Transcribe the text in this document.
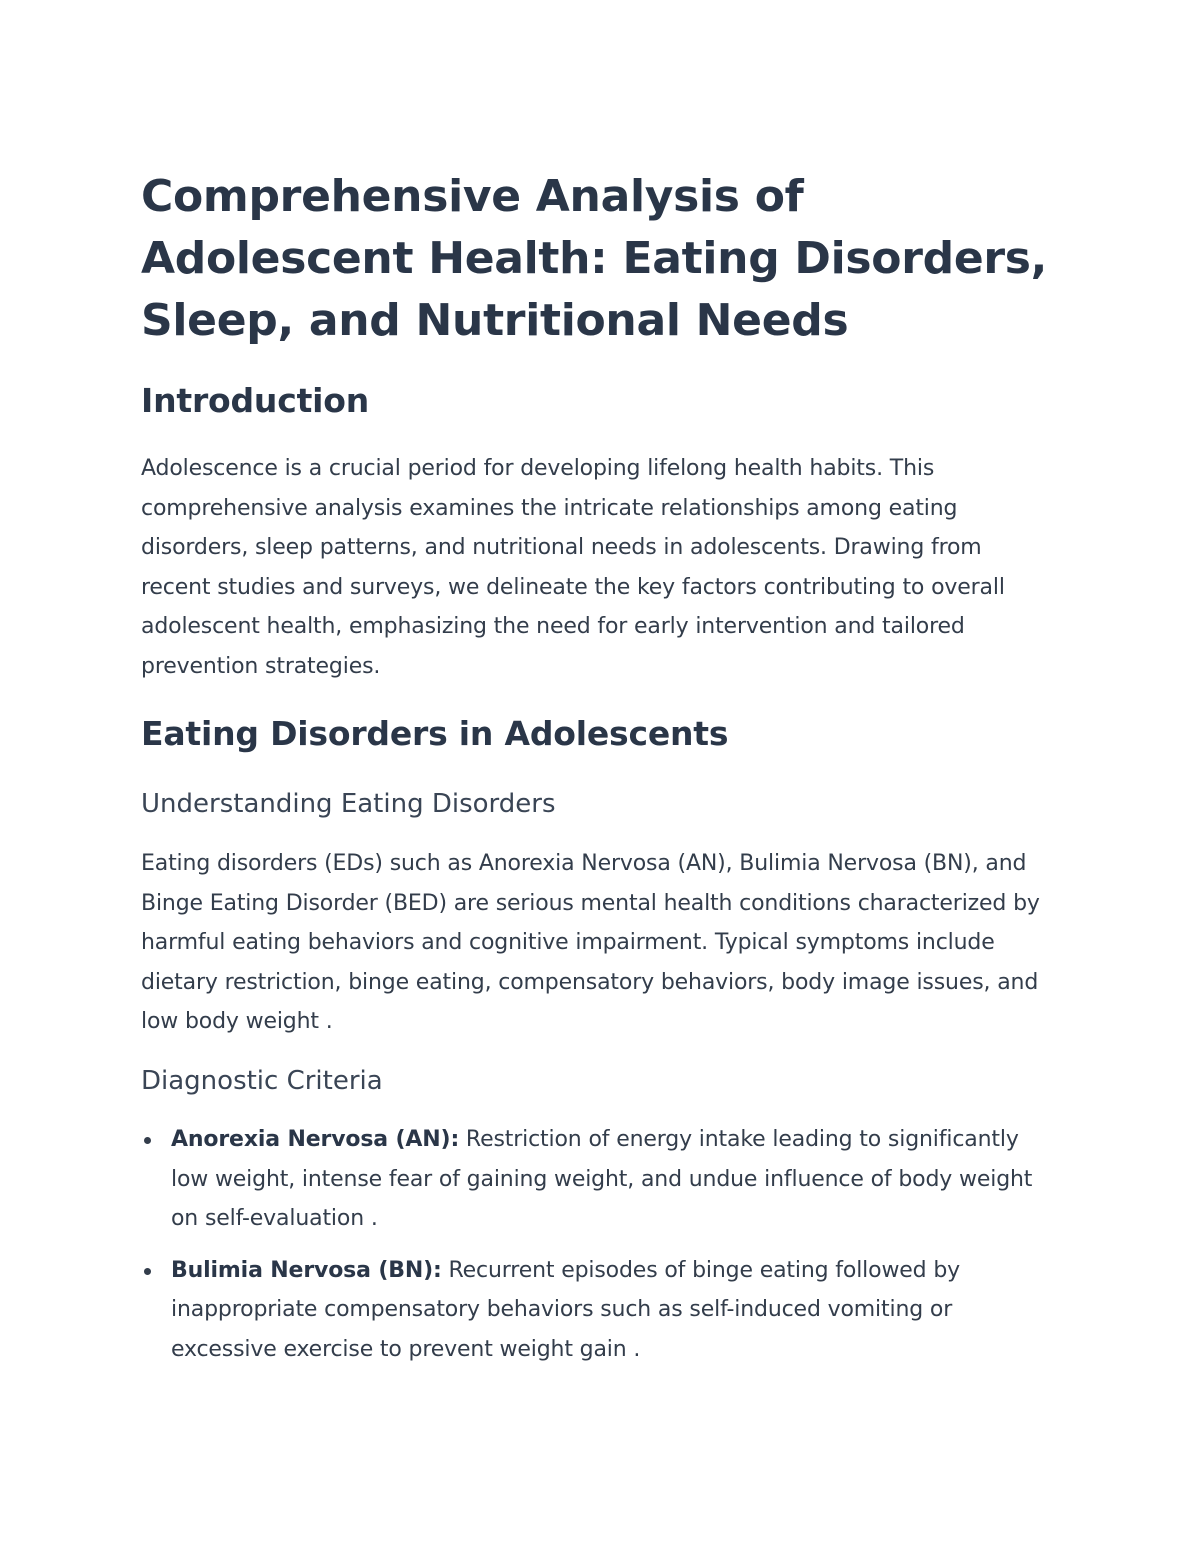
Comprehensive Analysis of Adolescent Health: Eating Disorders, Sleep, and Nutritional Needs
Introduction

Adolescence is a crucial period for developing lifelong health habits. This comprehensive analysis examines the intricate relationships among eating disorders, sleep patterns, and nutritional needs in adolescents. Drawing from recent studies and surveys, we delineate the key factors contributing to overall adolescent health, emphasizing the need for early intervention and tailored prevention strategies.

Eating Disorders in Adolescents
Understanding Eating Disorders

Eating disorders (EDs) such as Anorexia Nervosa (AN), Bulimia Nervosa (BN), and Binge Eating Disorder (BED) are serious mental health conditions characterized by harmful eating behaviors and cognitive impairment. Typical symptoms include dietary restriction, binge eating, compensatory behaviors, body image issues, and low body weight .

Diagnostic Criteria
Anorexia Nervosa (AN): Restriction of energy intake leading to significantly low weight, intense fear of gaining weight, and undue influence of body weight on self-evaluation .
Bulimia Nervosa (BN): Recurrent episodes of binge eating followed by inappropriate compensatory behaviors such as self-induced vomiting or excessive exercise to prevent weight gain .
